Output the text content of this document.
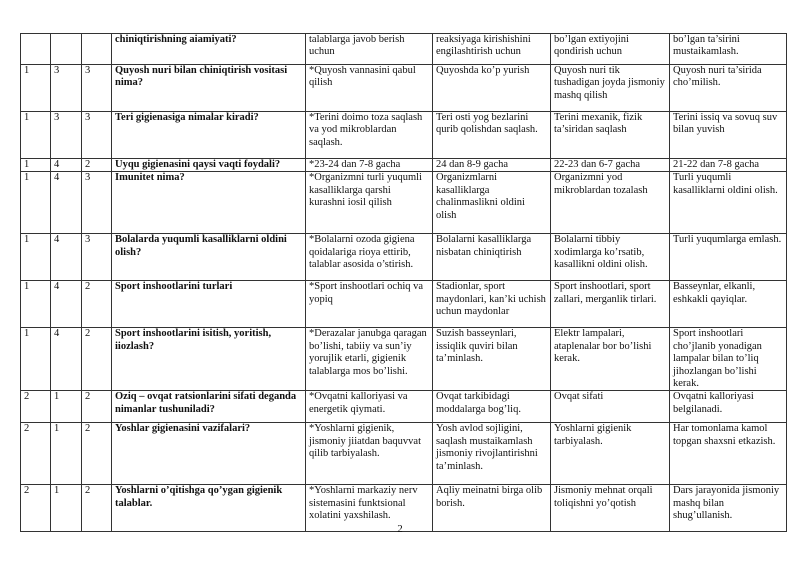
			chiniqtirishning aiamiyati?	talablarga javob berish uchun	reaksiyaga kirishishini engilashtirish uchun	bo’lgan extiyojini qondirish uchun	bo’lgan ta’sirini mustaikamlash.
1	3	3	Quyosh nuri bilan chiniqtirish vositasi nima?	*Quyosh vannasini qabul qilish	Quyoshda ko’p yurish	Quyosh nuri tik tushadigan joyda jismoniy mashq qilish	Quyosh nuri ta’sirida cho’milish.
1	3	3	Teri gigienasiga nimalar kiradi?	*Terini doimo toza saqlash va yod mikroblardan saqlash.	Teri osti yog bezlarini qurib qolishdan saqlash.	Terini mexanik, fizik ta’siridan saqlash	Terini issiq va sovuq suv bilan yuvish
1	4	2	Uyqu gigienasini qaysi vaqti foydali?	*23-24 dan 7-8 gacha	24 dan 8-9 gacha	22-23 dan 6-7 gacha	21-22 dan 7-8 gacha
1	4	3	Imunitet nima?	*Organizmni turli yuqumli kasalliklarga qarshi kurashni iosil qilish	Organizmlarni kasalliklarga chalinmaslikni oldini olish	Organizmni yod mikroblardan tozalash	Turli yuqumli kasalliklarni oldini olish.
1	4	3	Bolalarda yuqumli kasalliklarni oldini olish?	*Bolalarni ozoda gigiena qoidalariga rioya ettirib, talablar asosida o’stirish.	Bolalarni kasalliklarga nisbatan chiniqtirish	Bolalarni tibbiy xodimlarga ko’rsatib, kasallikni oldini olish.	Turli yuqumlarga emlash.
1	4	2	Sport inshootlarini turlari	*Sport inshootlari ochiq va yopiq	Stadionlar, sport maydonlari, kan’ki uchish uchun maydonlar	Sport inshootlari, sport zallari, merganlik tirlari.	Basseynlar, elkanli, eshkakli qayiqlar.
1	4	2	Sport inshootlarini isitish, yoritish, iiozlash?	*Derazalar janubga qaragan bo’lishi, tabiiy va sun’iy yorujlik etarli, gigienik talablarga mos bo’lishi.	Suzish basseynlari, issiqlik quviri bilan ta’minlash.	Elektr lampalari, ataplenalar bor bo’lishi kerak.	Sport inshootlari cho’jlanib yonadigan lampalar bilan to’liq jihozlangan bo’lishi kerak.
2	1	2	Oziq – ovqat ratsionlarini sifati deganda nimanlar tushuniladi?	*Ovqatni kalloriyasi va energetik qiymati.	Ovqat tarkibidagi moddalarga bog’liq.	Ovqat sifati	Ovqatni kalloriyasi belgilanadi.
2	1	2	Yoshlar gigienasini vazifalari?	*Yoshlarni gigienik, jismoniy jiiatdan baquvvat qilib tarbiyalash.	Yosh avlod sojligini, saqlash mustaikamlash jismoniy rivojlantirishni ta’minlash.	Yoshlarni gigienik tarbiyalash.	Har tomonlama kamol topgan shaxsni etkazish.
2	1	2	Yoshlarni o’qitishga qo’ygan gigienik talablar.	*Yoshlarni markaziy nerv sistemasini funktsional xolatini yaxshilash.	Aqliy meinatni birga olib borish.	Jismoniy mehnat orqali toliqishni yo’qotish	Dars jarayonida jismoniy mashq bilan shug’ullanish.
2
